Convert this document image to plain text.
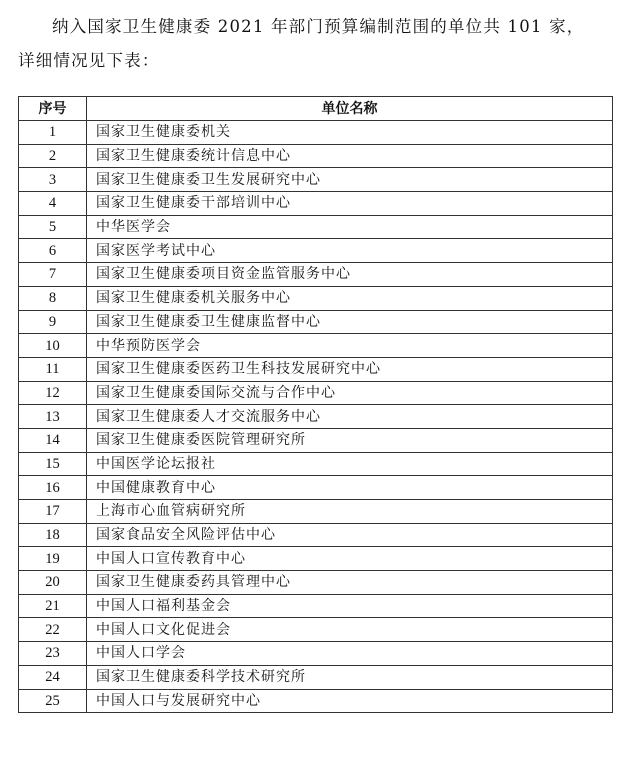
纳入国家卫生健康委 2021 年部门预算编制范围的单位共 101 家，
详细情况见下表：

序号	单位名称
1	国家卫生健康委机关
2	国家卫生健康委统计信息中心
3	国家卫生健康委卫生发展研究中心
4	国家卫生健康委干部培训中心
5	中华医学会
6	国家医学考试中心
7	国家卫生健康委项目资金监管服务中心
8	国家卫生健康委机关服务中心
9	国家卫生健康委卫生健康监督中心
10	中华预防医学会
11	国家卫生健康委医药卫生科技发展研究中心
12	国家卫生健康委国际交流与合作中心
13	国家卫生健康委人才交流服务中心
14	国家卫生健康委医院管理研究所
15	中国医学论坛报社
16	中国健康教育中心
17	上海市心血管病研究所
18	国家食品安全风险评估中心
19	中国人口宣传教育中心
20	国家卫生健康委药具管理中心
21	中国人口福利基金会
22	中国人口文化促进会
23	中国人口学会
24	国家卫生健康委科学技术研究所
25	中国人口与发展研究中心
